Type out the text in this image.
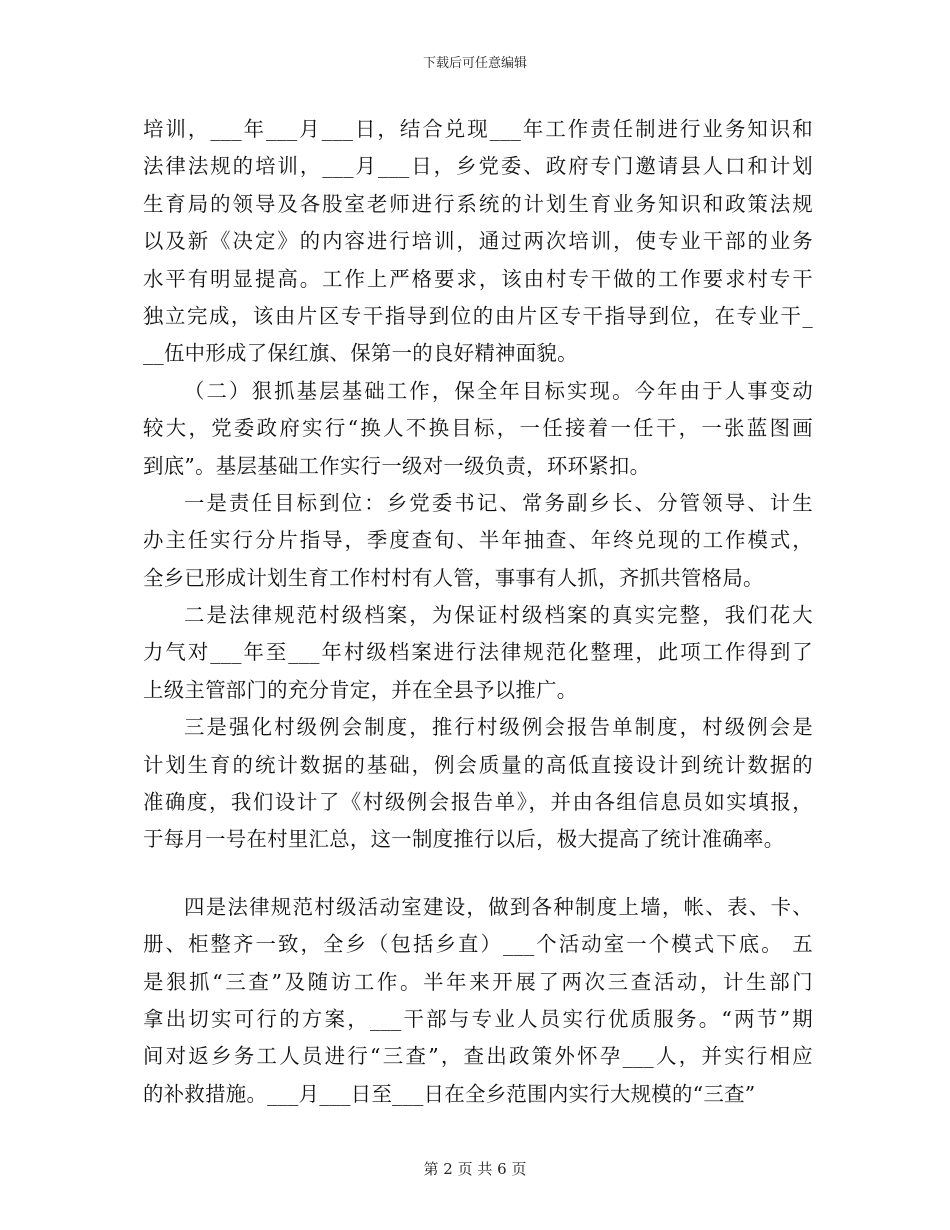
下载后可任意编辑
培训，___年___月___日，结合兑现___年工作责任制进行业务知识和
法律法规的培训，___月___日，乡党委、政府专门邀请县人口和计划
生育局的领导及各股室老师进行系统的计划生育业务知识和政策法规
以及新《决定》的内容进行培训，通过两次培训，使专业干部的业务
水平有明显提高。工作上严格要求，该由村专干做的工作要求村专干
独立完成，该由片区专干指导到位的由片区专干指导到位，在专业干_
__伍中形成了保红旗、保第一的良好精神面貌。
（二）狠抓基层基础工作，保全年目标实现。今年由于人事变动
较大，党委政府实行“换人不换目标，一任接着一任干，一张蓝图画
到底”。基层基础工作实行一级对一级负责，环环紧扣。
一是责任目标到位：乡党委书记、常务副乡长、分管领导、计生
办主任实行分片指导，季度查旬、半年抽查、年终兑现的工作模式，
全乡已形成计划生育工作村村有人管，事事有人抓，齐抓共管格局。
二是法律规范村级档案，为保证村级档案的真实完整，我们花大
力气对___年至___年村级档案进行法律规范化整理，此项工作得到了
上级主管部门的充分肯定，并在全县予以推广。
三是强化村级例会制度，推行村级例会报告单制度，村级例会是
计划生育的统计数据的基础，例会质量的高低直接设计到统计数据的
准确度，我们设计了《村级例会报告单》，并由各组信息员如实填报，
于每月一号在村里汇总，这一制度推行以后，极大提高了统计准确率。
四是法律规范村级活动室建设，做到各种制度上墙，帐、表、卡、
册、柜整齐一致，全乡（包括乡直）___个活动室一个模式下底。 五
是狠抓“三查”及随访工作。半年来开展了两次三查活动，计生部门
拿出切实可行的方案，___干部与专业人员实行优质服务。“两节”期
间对返乡务工人员进行“三查”，查出政策外怀孕___人，并实行相应
的补救措施。___月___日至___日在全乡范围内实行大规模的“三查”
第 2 页 共 6 页
